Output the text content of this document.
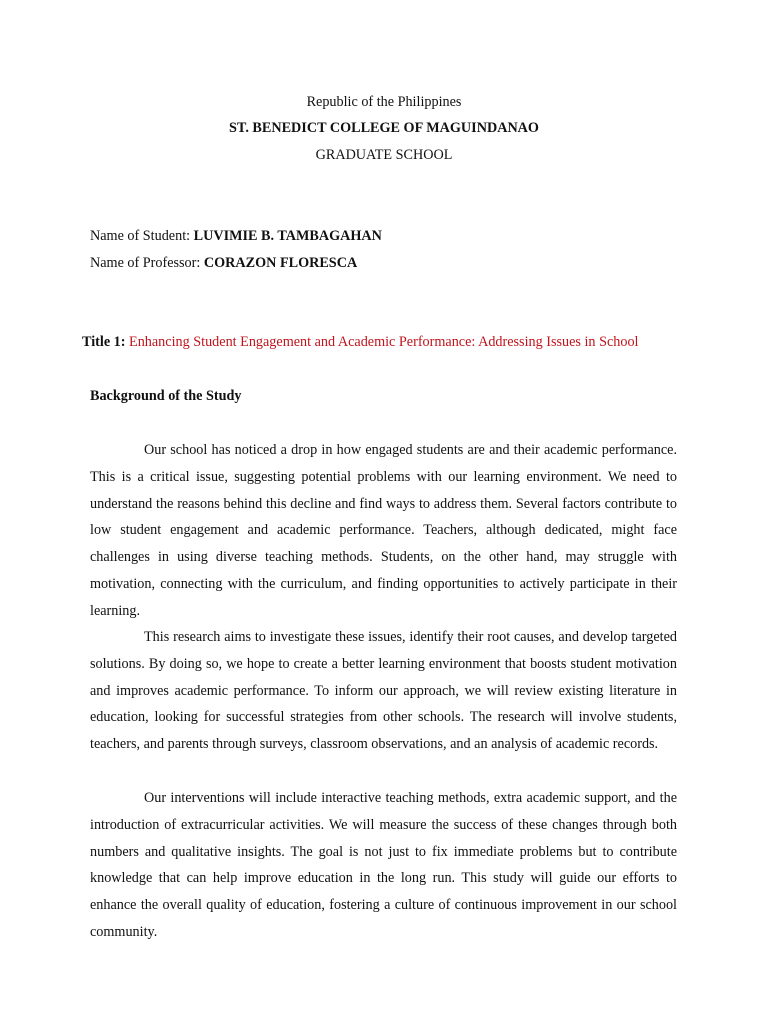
Republic of the Philippines
ST. BENEDICT COLLEGE OF MAGUINDANAO
GRADUATE SCHOOL
Name of Student: LUVIMIE B. TAMBAGAHAN
Name of Professor: CORAZON FLORESCA
Title 1: Enhancing Student Engagement and Academic Performance: Addressing Issues in School
Background of the Study

Our school has noticed a drop in how engaged students are and their academic performance. This is a critical issue, suggesting potential problems with our learning environment. We need to understand the reasons behind this decline and find ways to address them. Several factors contribute to low student engagement and academic performance. Teachers, although dedicated, might face challenges in using diverse teaching methods. Students, on the other hand, may struggle with motivation, connecting with the curriculum, and finding opportunities to actively participate in their learning.

This research aims to investigate these issues, identify their root causes, and develop targeted solutions. By doing so, we hope to create a better learning environment that boosts student motivation and improves academic performance. To inform our approach, we will review existing literature in education, looking for successful strategies from other schools. The research will involve students, teachers, and parents through surveys, classroom observations, and an analysis of academic records.

Our interventions will include interactive teaching methods, extra academic support, and the introduction of extracurricular activities. We will measure the success of these changes through both numbers and qualitative insights. The goal is not just to fix immediate problems but to contribute knowledge that can help improve education in the long run. This study will guide our efforts to enhance the overall quality of education, fostering a culture of continuous improvement in our school community.
